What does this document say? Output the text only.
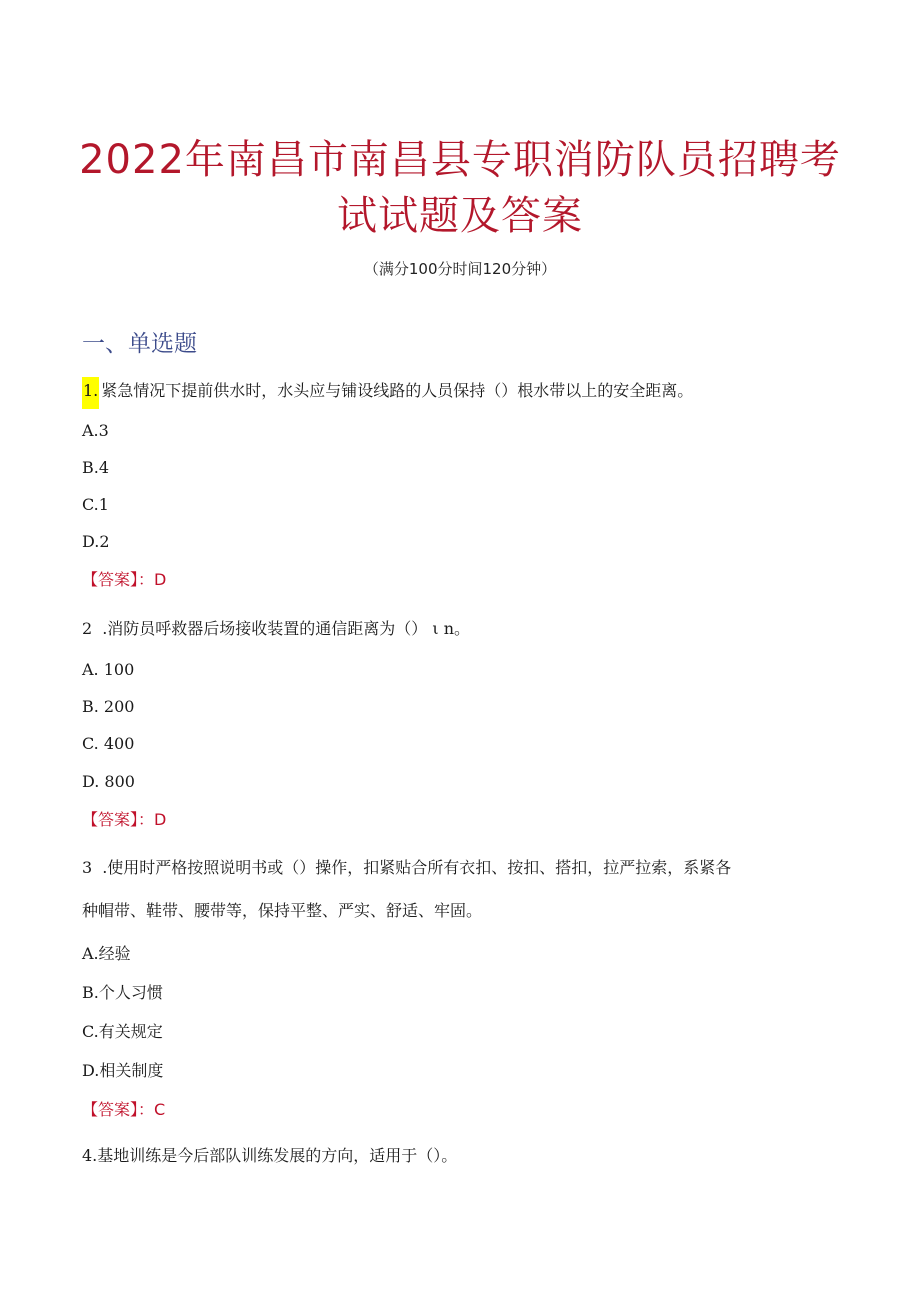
2022年南昌市南昌县专职消防队员招聘考
试试题及答案
（满分100分时间120分钟）
一、单选题
1. 紧急情况下提前供水时，水头应与铺设线路的人员保持（）根水带以上的安全距离。
A.3
B.4
C.1
D.2
【答案】：D
2 .消防员呼救器后场接收装置的通信距离为（） ι n。
A. 100
B. 200
C. 400
D. 800
【答案】：D
3 .使用时严格按照说明书或（）操作，扣紧贴合所有衣扣、按扣、搭扣，拉严拉索，系紧各
种帽带、鞋带、腰带等，保持平整、严实、舒适、牢固。
A.经验
B.个人习惯
C.有关规定
D.相关制度
【答案】：C
4.基地训练是今后部队训练发展的方向，适用于（）。
